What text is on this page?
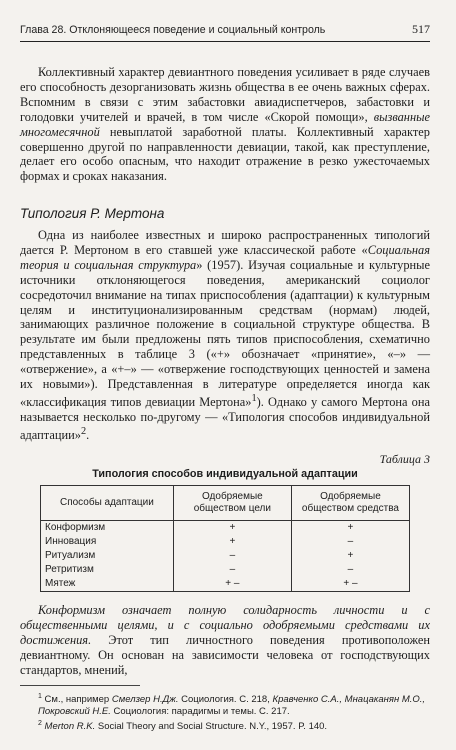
Глава 28. Отклоняющееся поведение и социальный контроль	517

Коллективный характер девиантного поведения усиливает в ряде случаев его способность дезорганизовать жизнь общества в ее очень важных сферах. Вспомним в связи с этим забастовки авиадиспетчеров, забастовки и голодовки учителей и врачей, в том числе «Скорой помощи», вызванные многомесячной невыплатой заработной платы. Коллективный характер совершенно другой по направленности девиации, такой, как преступление, делает его особо опасным, что находит отражение в резко ужесточаемых формах и сроках наказания.

Типология Р. Мертона

Одна из наиболее известных и широко распространенных типологий дается Р. Мертоном в его ставшей уже классической работе «Социальная теория и социальная структура» (1957). Изучая социальные и культурные источники отклоняющегося поведения, американский социолог сосредоточил внимание на типах приспособления (адаптации) к культурным целям и институционализированным средствам (нормам) людей, занимающих различное положение в социальной структуре общества. В результате им были предложены пять типов приспособления, схематично представленных в таблице 3 («+» обозначает «принятие», «–» — «отвержение», а «+–» — «отвержение господствующих ценностей и замена их новыми»). Представленная в литературе определяется иногда как «классификация типов девиации Мертона»$^1$). Однако у самого Мертона она называется несколько по-другому — «Типология способов индивидуальной адаптации»$^2$.

Таблица 3
Типология способов индивидуальной адаптации
Способы адаптации	Одобряемые обществом цели	Одобряемые обществом средства
Конформизм	+	+
Инновация	+	–
Ритуализм	–	+
Ретритизм	–	–
Мятеж	+ –	+ –

Конформизм означает полную солидарность личности и с общественными целями, и с социально одобряемыми средствами их достижения. Этот тип личностного поведения противоположен девиантному. Он основан на зависимости человека от господствующих стандартов, мнений,

$^1$ См., например Смелзер Н.Дж. Социология. С. 218, Кравченко С.А., Мнацаканян М.О., Покровский Н.Е. Социология: парадигмы и темы. С. 217.

$^2$ Merton R.K. Social Theory and Social Structure. N.Y., 1957. P. 140.
